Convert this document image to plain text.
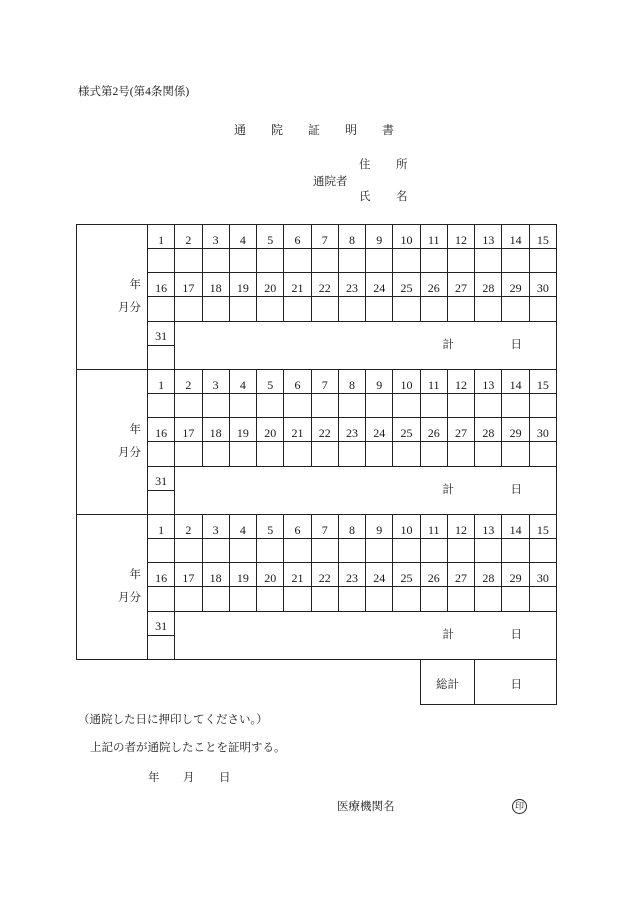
様式第2号(第4条関係)
通院証明書
住所
通院者
氏名
年
月分
1 2 3 4 5 6 7 8 9 10 11 12 13 14 15
16 17 18 19 20 21 22 23 24 25 26 27 28 29 30
31
計	日
年
月分
1 2 3 4 5 6 7 8 9 10 11 12 13 14 15
16 17 18 19 20 21 22 23 24 25 26 27 28 29 30
31
計	日
年
月分
1 2 3 4 5 6 7 8 9 10 11 12 13 14 15
16 17 18 19 20 21 22 23 24 25 26 27 28 29 30
31
計	日
総計	日
（通院した日に押印してください。）
上記の者が通院したことを証明する。
年 月 日
医療機関名	印
